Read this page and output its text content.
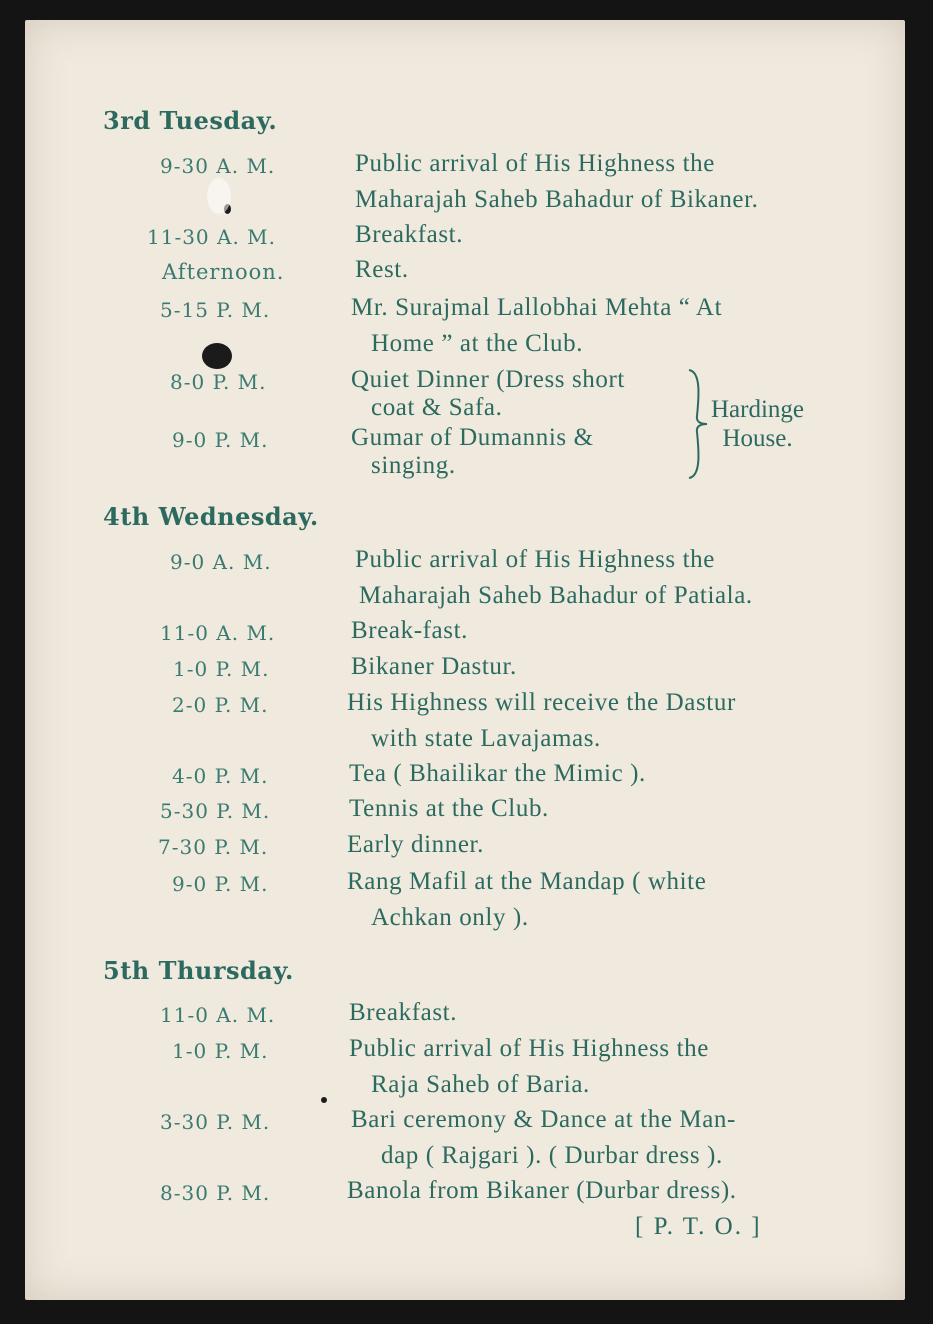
3rd Tuesday.
9-30 A. M.	Public arrival of His Highness the
Maharajah Saheb Bahadur of Bikaner.
11-30 A. M.	Breakfast.
Afternoon.	Rest.
5-15 P. M.	Mr. Surajmal Lallobhai Mehta “ At
Home ” at the Club.
8-0 P. M.	Quiet Dinner (Dress short
coat & Safa.
9-0 P. M.	Gumar of Dumannis &
singing.
Hardinge
House.
4th Wednesday.
9-0 A. M.	Public arrival of His Highness the
Maharajah Saheb Bahadur of Patiala.
11-0 A. M.	Break-fast.
1-0 P. M.	Bikaner Dastur.
2-0 P. M.	His Highness will receive the Dastur
with state Lavajamas.
4-0 P. M.	Tea ( Bhailikar the Mimic ).
5-30 P. M.	Tennis at the Club.
7-30 P. M.	Early dinner.
9-0 P. M.	Rang Mafil at the Mandap ( white
Achkan only ).
5th Thursday.
11-0 A. M.	Breakfast.
1-0 P. M.	Public arrival of His Highness the
Raja Saheb of Baria.
3-30 P. M.	Bari ceremony & Dance at the Man-
dap ( Rajgari ). ( Durbar dress ).
8-30 P. M.	Banola from Bikaner (Durbar dress).
[ P. T. O. ]
